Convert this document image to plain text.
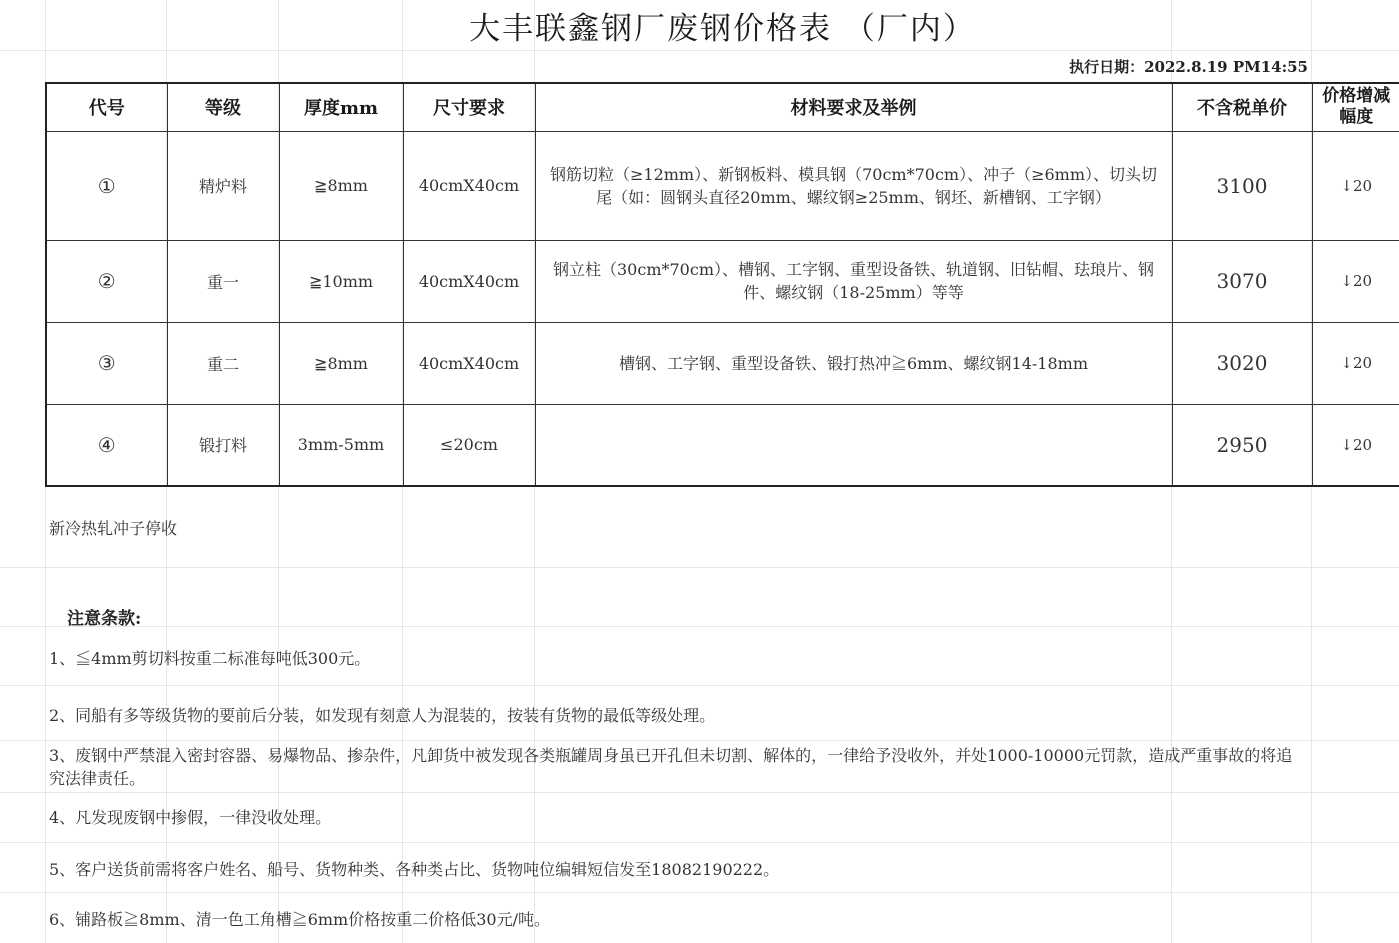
大丰联鑫钢厂废钢价格表 （厂内）
执行日期：2022.8.19 PM14:55
代号	等级	厚度mm	尺寸要求	材料要求及举例	不含税单价	价格增减幅度
①	精炉料	≧8mm	40cmX40cm	钢筋切粒（≥12mm）、新钢板料、模具钢（70cm*70cm）、冲子（≥6mm）、切头切尾（如：圆钢头直径20mm、螺纹钢≥25mm、钢坯、新槽钢、工字钢）	3100	↓20
②	重一	≧10mm	40cmX40cm	钢立柱（30cm*70cm）、槽钢、工字钢、重型设备铁、轨道钢、旧钻帽、珐琅片、钢件、螺纹钢（18-25mm）等等	3070	↓20
③	重二	≧8mm	40cmX40cm	槽钢、工字钢、重型设备铁、锻打热冲≧6mm、螺纹钢14-18mm	3020	↓20
④	锻打料	3mm-5mm	≤20cm		2950	↓20
新冷热轧冲子停收
注意条款:
1、≦4mm剪切料按重二标准每吨低300元。
2、同船有多等级货物的要前后分装，如发现有刻意人为混装的，按装有货物的最低等级处理。
3、废钢中严禁混入密封容器、易爆物品、掺杂件，凡卸货中被发现各类瓶罐周身虽已开孔但未切割、解体的，一律给予没收外，并处1000-10000元罚款，造成严重事故的将追究法律责任。
4、凡发现废钢中掺假，一律没收处理。
5、客户送货前需将客户姓名、船号、货物种类、各种类占比、货物吨位编辑短信发至18082190222。
6、铺路板≧8mm、清一色工角槽≧6mm价格按重二价格低30元/吨。
